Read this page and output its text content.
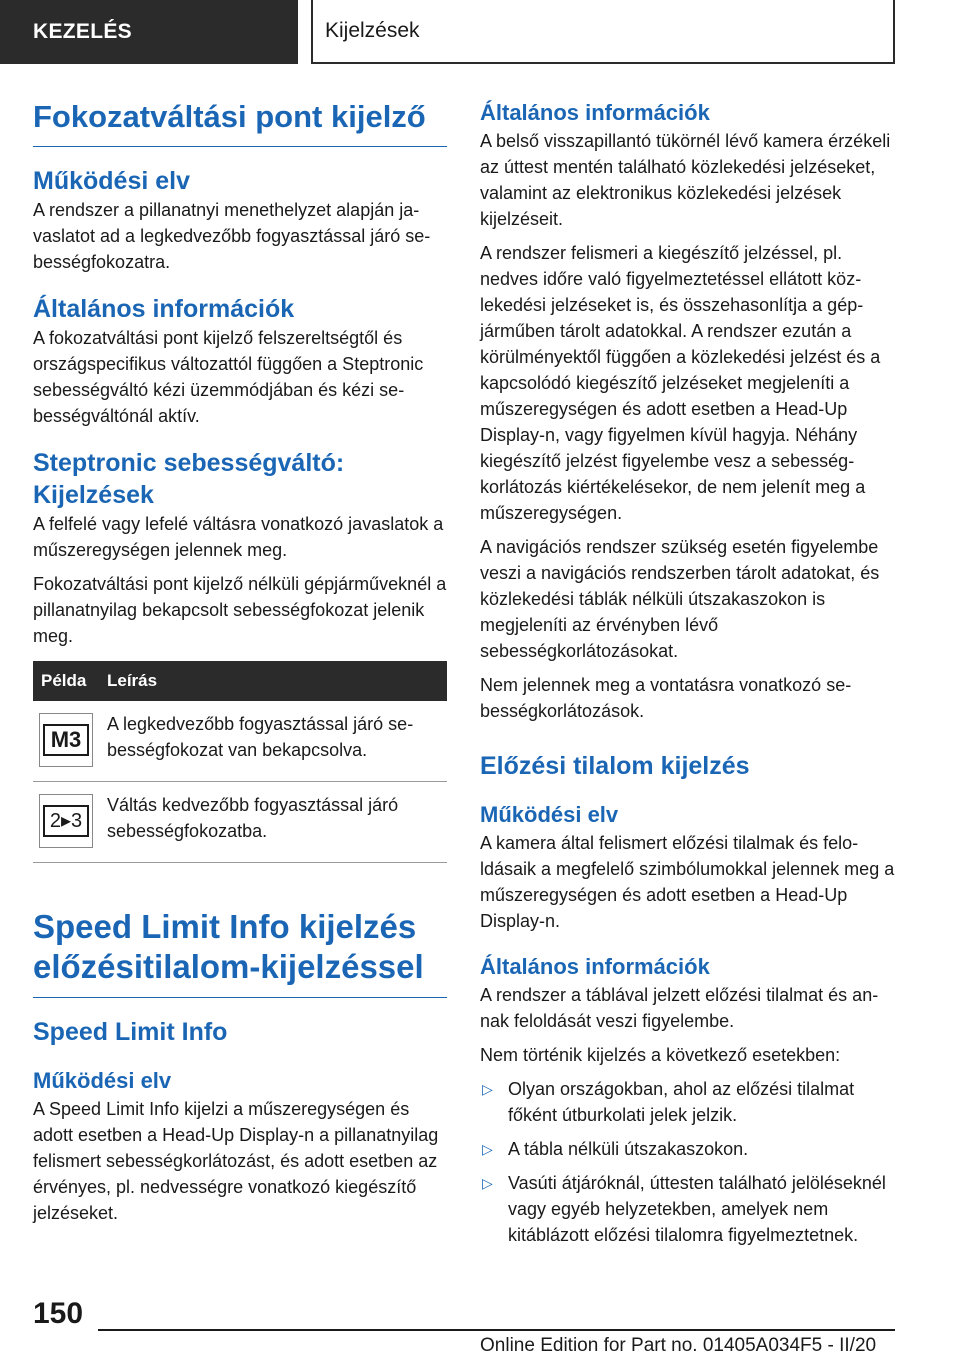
KEZELÉS	Kijelzések
Fokozatváltási pont kijelző
Működési elv

A rendszer a pillanatnyi menethelyzet alapján javaslatot ad a legkedvezőbb fogyasztással járó sebességfokozatra.

Általános információk

A fokozatváltási pont kijelző felszereltségtől és országspecifikus változattól függően a Steptronic sebességváltó kézi üzemmódjában és kézi sebességváltónál aktív.

Steptronic sebességváltó: Kijelzések

A felfelé vagy lefelé váltásra vonatkozó javaslatok a műszeregységen jelennek meg.

Fokozatváltási pont kijelző nélküli gépjárműveknél a pillanatnyilag bekapcsolt sebességfokozat jelenik meg.

Példa	Leírás

M3	A legkedvezőbb fogyasztással járó sebességfokozat van bekapcsolva.

2▸3	Váltás kedvezőbb fogyasztással járó sebességfokozatba.
Speed Limit Info kijelzés előzésitilalom-kijelzéssel
Speed Limit Info
Működési elv

A Speed Limit Info kijelzi a műszeregységen és adott esetben a Head-Up Display-n a pillanatnyilag felismert sebességkorlátozást, és adott esetben az érvényes, pl. nedvességre vonatkozó kiegészítő jelzéseket.

Általános információk

A belső visszapillantó tükörnél lévő kamera érzékeli az úttest mentén található közlekedési jelzéseket, valamint az elektronikus közlekedési jelzések kijelzéseit.

A rendszer felismeri a kiegészítő jelzéssel, pl. nedves időre való figyelmeztetéssel ellátott közlekedési jelzéseket is, és összehasonlítja a gépjárműben tárolt adatokkal. A rendszer ezután a körülményektől függően a közlekedési jelzést és a kapcsolódó kiegészítő jelzéseket megjeleníti a műszeregységen és adott esetben a Head-Up Display-n, vagy figyelmen kívül hagyja. Néhány kiegészítő jelzést figyelembe vesz a sebességkorlátozás kiértékelésekor, de nem jelenít meg a műszeregységen.

A navigációs rendszer szükség esetén figyelembe veszi a navigációs rendszerben tárolt adatokat, és közlekedési táblák nélküli útszakaszokon is megjeleníti az érvényben lévő sebességkorlátozásokat.

Nem jelennek meg a vontatásra vonatkozó sebességkorlátozások.

Előzési tilalom kijelzés
Működési elv

A kamera által felismert előzési tilalmak és feloldásaik a megfelelő szimbólumokkal jelennek meg a műszeregységen és adott esetben a Head-Up Display-n.

Általános információk

A rendszer a táblával jelzett előzési tilalmat és annak feloldását veszi figyelembe.

Nem történik kijelzés a következő esetekben:

▷ Olyan országokban, ahol az előzési tilalmat főként útburkolati jelek jelzik.
▷ A tábla nélküli útszakaszokon.
▷ Vasúti átjáróknál, úttesten található jelöléseknél vagy egyéb helyzetekben, amelyek nem kitáblázott előzési tilalomra figyelmeztetnek.
150
Online Edition for Part no. 01405A034F5 - II/20
